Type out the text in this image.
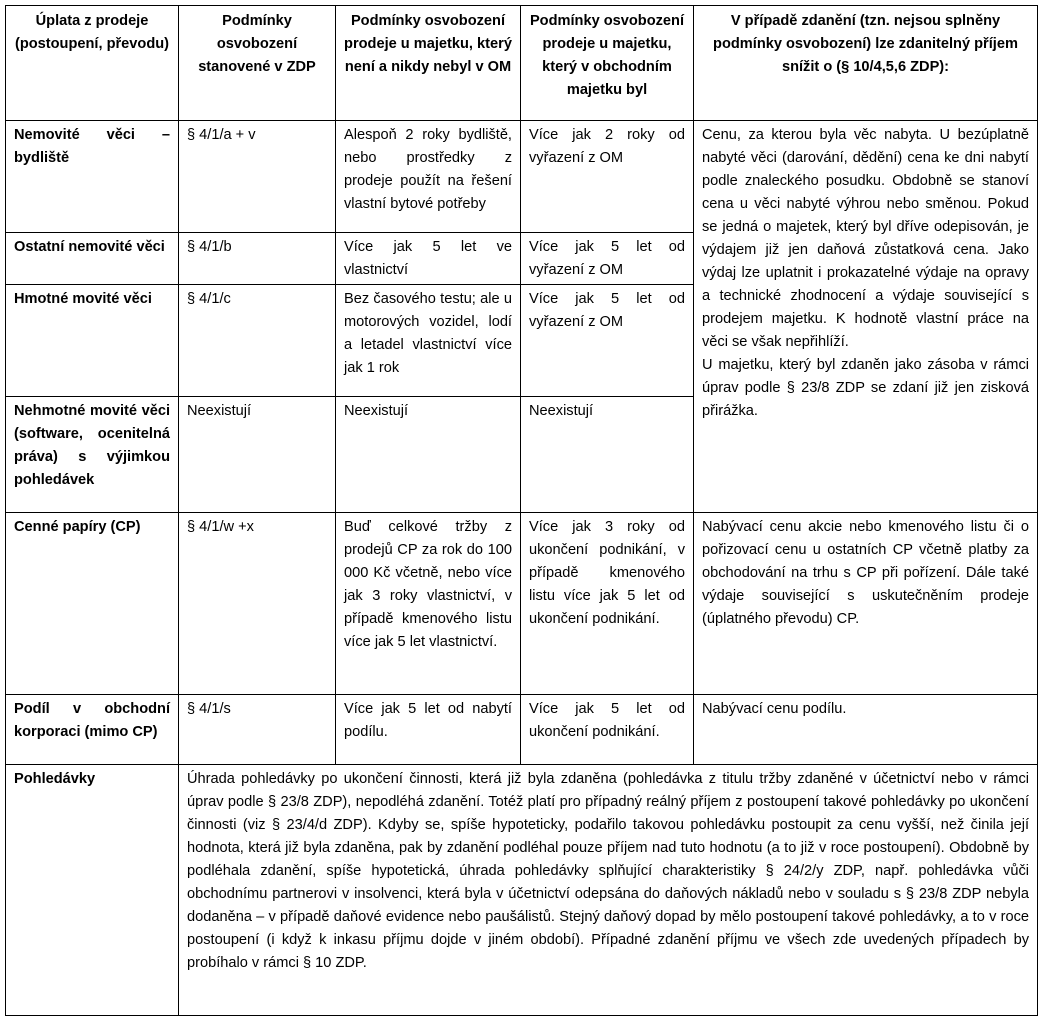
Úplata z prodeje (postoupení, převodu)	Podmínky osvobození stanovené v ZDP	Podmínky osvobození prodeje u majetku, který není a nikdy nebyl v OM	Podmínky osvobození prodeje u majetku, který v obchodním majetku byl	V případě zdanění (tzn. nejsou splněny podmínky osvobození) lze zdanitelný příjem snížit o (§ 10/4,5,6 ZDP):
Nemovité věci – bydliště	§ 4/1/a + v	Alespoň 2 roky bydliště, nebo prostředky z prodeje použít na řešení vlastní bytové potřeby	Více jak 2 roky od vyřazení z OM	Cenu, za kterou byla věc nabyta. U bezúplatně nabyté věci (darování, dědění) cena ke dni nabytí podle znaleckého posudku. Obdobně se stanoví cena u věci nabyté výhrou nebo směnou. Pokud se jedná o majetek, který byl dříve odepisován, je výdajem již jen daňová zůstatková cena. Jako výdaj lze uplatnit i prokazatelné výdaje na opravy a technické zhodnocení a výdaje související s prodejem majetku. K hodnotě vlastní práce na věci se však nepřihlíží.
U majetku, který byl zdaněn jako zásoba v rámci úprav podle § 23/8 ZDP se zdaní již jen zisková přirážka.

Ostatní nemovité věci	§ 4/1/b	Více jak 5 let ve vlastnictví	Více jak 5 let od vyřazení z OM	
Hmotné movité věci	§ 4/1/c	Bez časového testu; ale u motorových vozidel, lodí a letadel vlastnictví více jak 1 rok	Více jak 5 let od vyřazení z OM	
Nehmotné movité věci (software, ocenitelná práva) s výjimkou pohledávek	Neexistují	Neexistují	Neexistují	
Cenné papíry (CP)	§ 4/1/w +x	Buď celkové tržby z prodejů CP za rok do 100 000 Kč včetně, nebo více jak 3 roky vlastnictví, v případě kmenového listu více jak 5 let vlastnictví.	Více jak 3 roky od ukončení podnikání, v případě kmenového listu více jak 5 let od ukončení podnikání.	Nabývací cenu akcie nebo kmenového listu či o pořizovací cenu u ostatních CP včetně platby za obchodování na trhu s CP při pořízení. Dále také výdaje související s uskutečněním prodeje (úplatného převodu) CP.
Podíl v obchodní korporaci (mimo CP)	§ 4/1/s	Více jak 5 let od nabytí podílu.	Více jak 5 let od ukončení podnikání.	Nabývací cenu podílu.
Pohledávky	Úhrada pohledávky po ukončení činnosti, která již byla zdaněna (pohledávka z titulu tržby zdaněné v účetnictví nebo v rámci úprav podle § 23/8 ZDP), nepodléhá zdanění. Totéž platí pro případný reálný příjem z postoupení takové pohledávky po ukončení činnosti (viz § 23/4/d ZDP). Kdyby se, spíše hypoteticky, podařilo takovou pohledávku postoupit za cenu vyšší, než činila její hodnota, která již byla zdaněna, pak by zdanění podléhal pouze příjem nad tuto hodnotu (a to již v roce postoupení). Obdobně by podléhala zdanění, spíše hypotetická, úhrada pohledávky splňující charakteristiky § 24/2/y ZDP, např. pohledávka vůči obchodnímu partnerovi v insolvenci, která byla v účetnictví odepsána do daňových nákladů nebo v souladu s § 23/8 ZDP nebyla dodaněna – v případě daňové evidence nebo paušálistů. Stejný daňový dopad by mělo postoupení takové pohledávky, a to v roce postoupení (i když k inkasu příjmu dojde v jiném období). Případné zdanění příjmu ve všech zde uvedených případech by probíhalo v rámci § 10 ZDP.			
